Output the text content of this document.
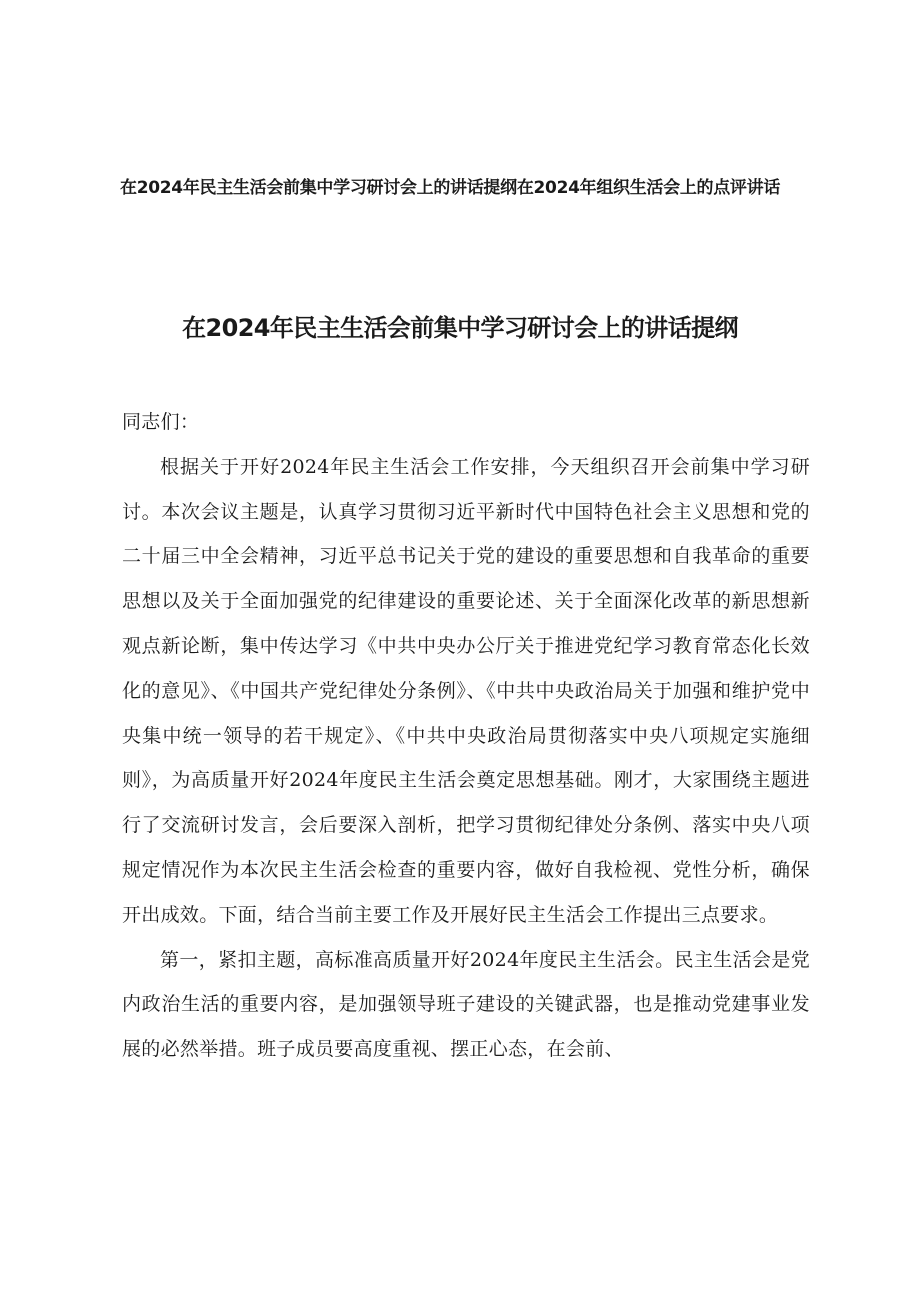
在2024年民主生活会前集中学习研讨会上的讲话提纲在2024年组织生活会上的点评讲话
在2024年民主生活会前集中学习研讨会上的讲话提纲

同志们：

根据关于开好2024年民主生活会工作安排，今天组织召开会前集中学习研讨。本次会议主题是，认真学习贯彻习近平新时代中国特色社会主义思想和党的二十届三中全会精神，习近平总书记关于党的建设的重要思想和自我革命的重要思想以及关于全面加强党的纪律建设的重要论述、关于全面深化改革的新思想新观点新论断，集中传达学习《中共中央办公厅关于推进党纪学习教育常态化长效化的意见》、《中国共产党纪律处分条例》、《中共中央政治局关于加强和维护党中央集中统一领导的若干规定》、《中共中央政治局贯彻落实中央八项规定实施细则》，为高质量开好2024年度民主生活会奠定思想基础。刚才，大家围绕主题进行了交流研讨发言，会后要深入剖析，把学习贯彻纪律处分条例、落实中央八项规定情况作为本次民主生活会检查的重要内容，做好自我检视、党性分析，确保开出成效。下面，结合当前主要工作及开展好民主生活会工作提出三点要求。

第一，紧扣主题，高标准高质量开好2024年度民主生活会。民主生活会是党内政治生活的重要内容，是加强领导班子建设的关键武器，也是推动党建事业发展的必然举措。班子成员要高度重视、摆正心态，在会前、
